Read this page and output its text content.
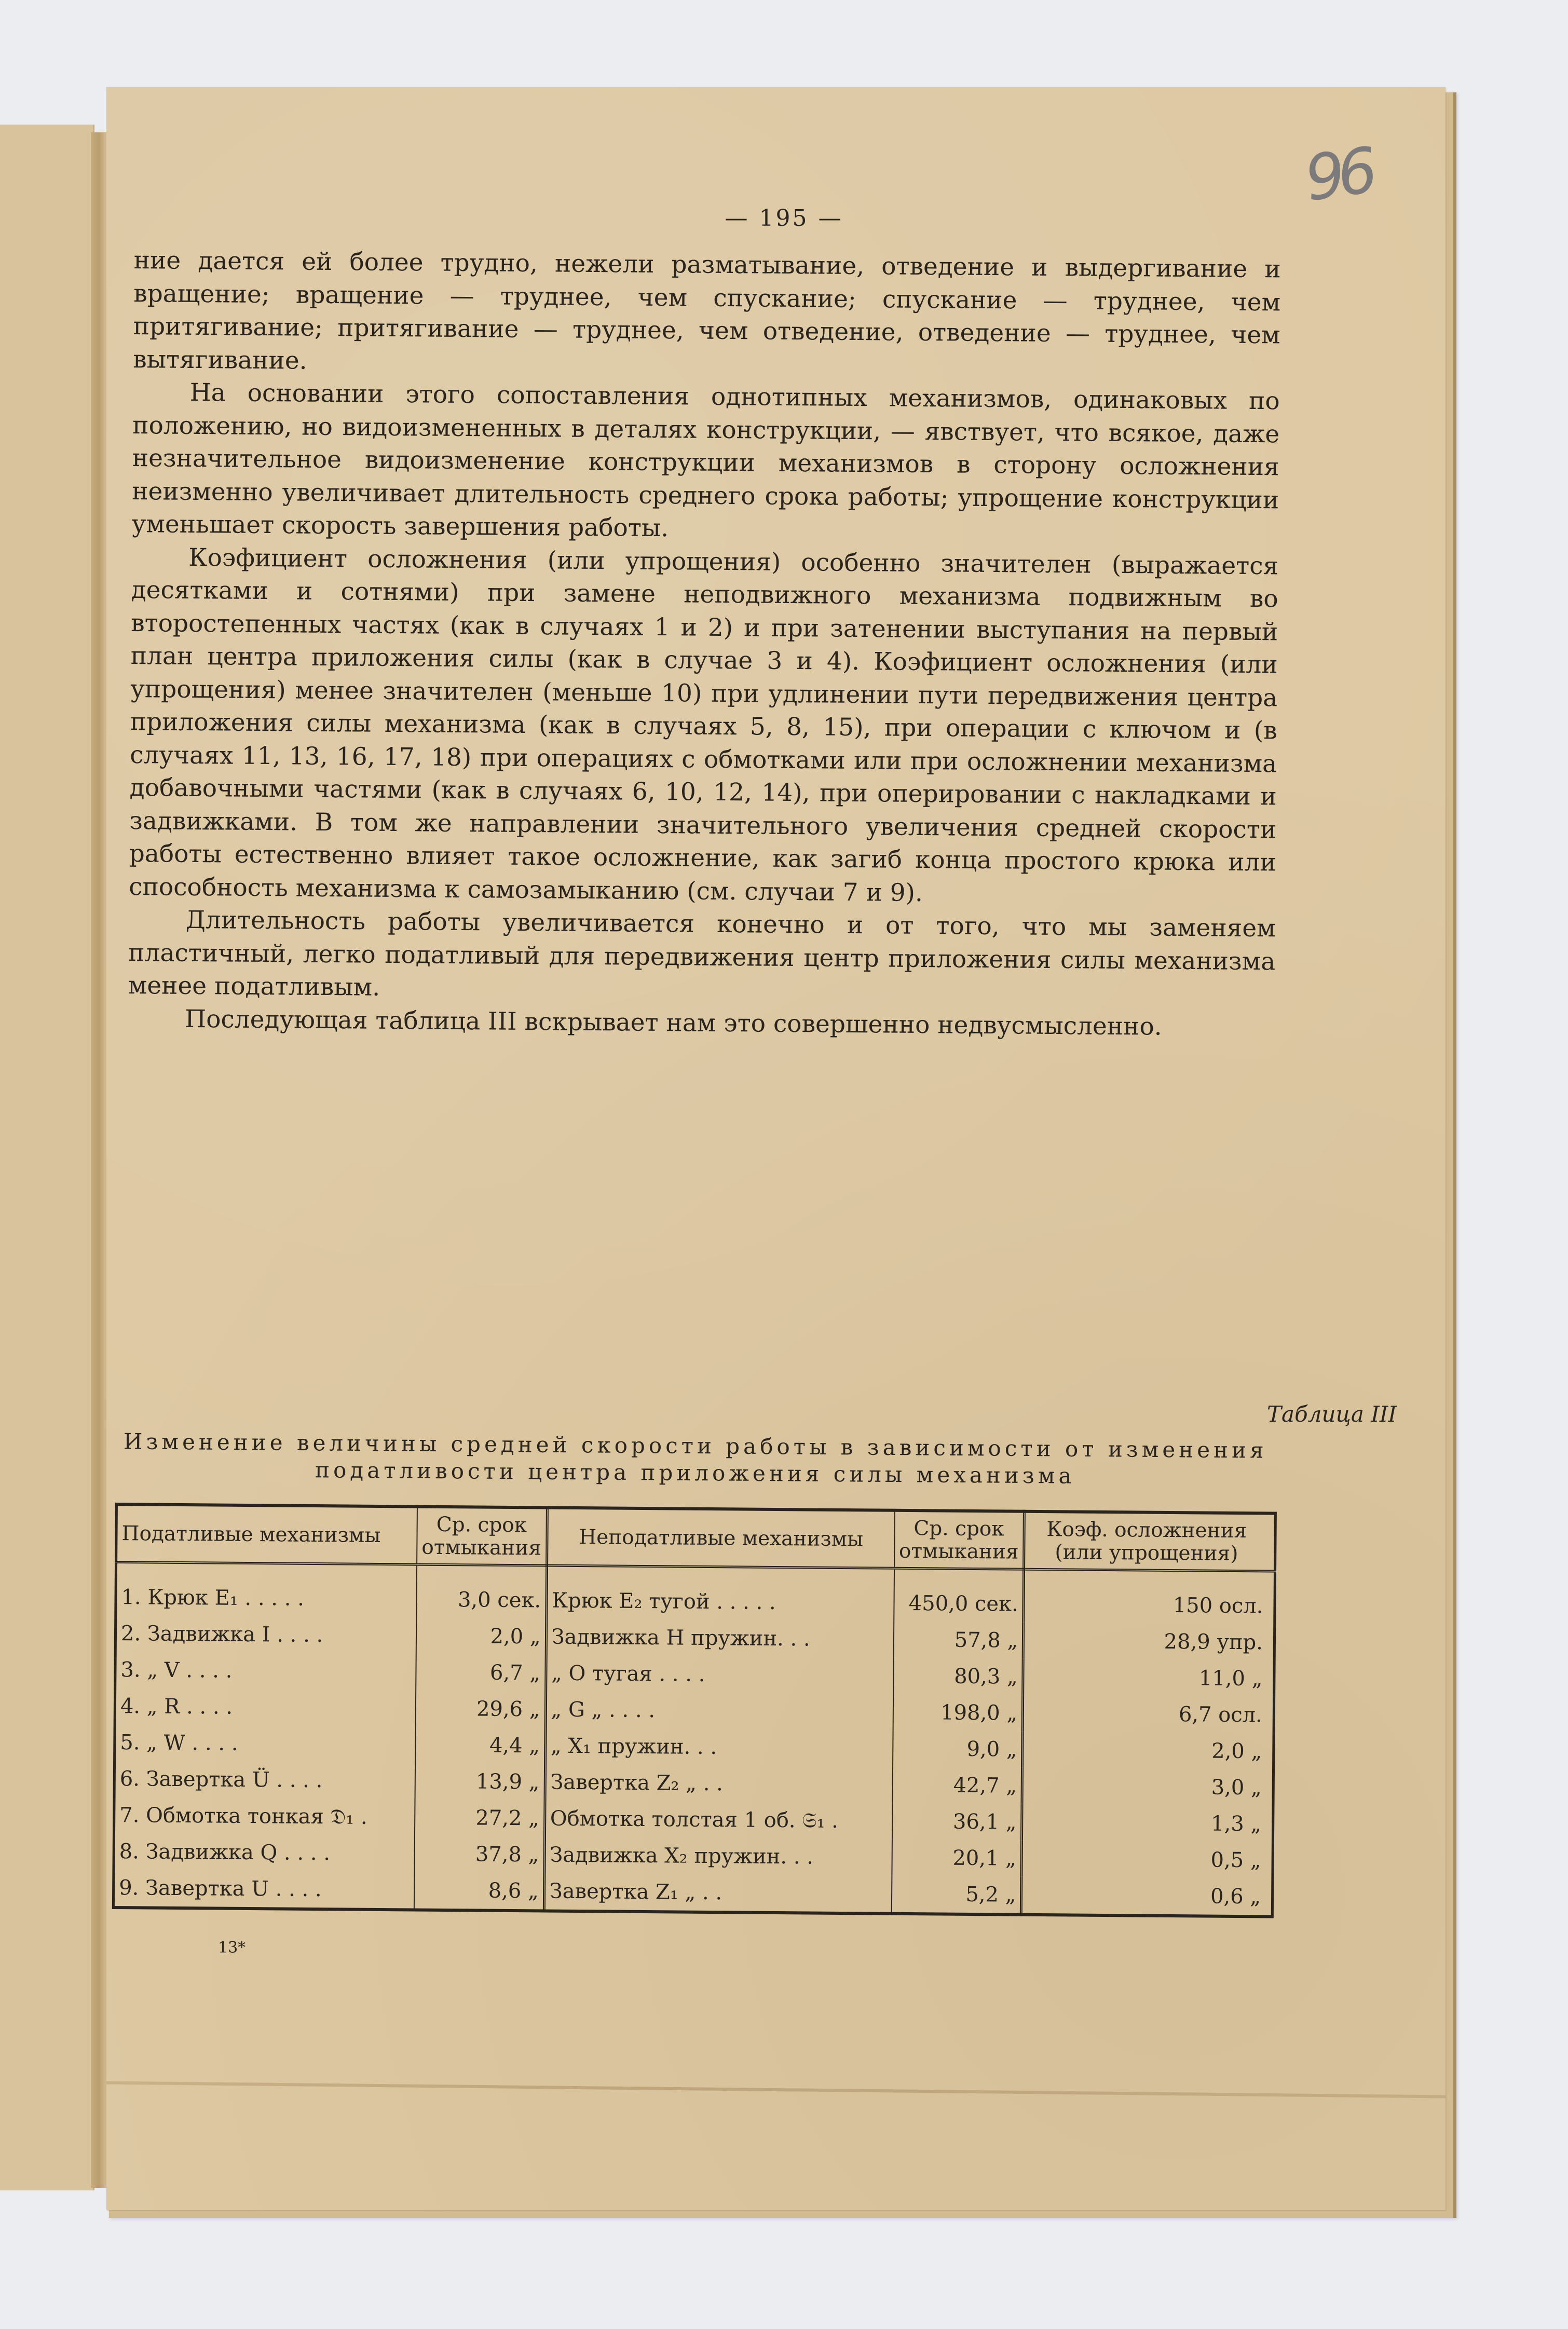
96
— 195 —

ние дается ей более трудно, нежели разматывание, отведение и выдергивание и вращение; вращение — труднее, чем спускание; спускание — труднее, чем притягивание; притягивание — труднее, чем отведение, отведение — труднее, чем вытягивание.

На основании этого сопоставления однотипных механизмов, одинаковых по положению, но видоизмененных в деталях конструкции, — явствует, что всякое, даже незначительное видоизменение конструкции механизмов в сторону осложнения неизменно увеличивает длительность среднего срока работы; упрощение конструкции уменьшает скорость завершения работы.

Коэфициент осложнения (или упрощения) особенно значителен (выражается десятками и сотнями) при замене неподвижного механизма подвижным во второстепенных частях (как в случаях 1 и 2) и при затенении выступания на первый план центра приложения силы (как в случае 3 и 4). Коэфициент осложнения (или упрощения) менее значителен (меньше 10) при удлинении пути передвижения центра приложения силы механизма (как в случаях 5, 8, 15), при операции с ключом и (в случаях 11, 13, 16, 17, 18) при операциях с обмотками или при осложнении механизма добавочными частями (как в случаях 6, 10, 12, 14), при оперировании с накладками и задвижками. В том же направлении значительного увеличения средней скорости работы естественно влияет такое осложнение, как загиб конца простого крюка или способность механизма к самозамыканию (см. случаи 7 и 9).

Длительность работы увеличивается конечно и от того, что мы заменяем пластичный, легко податливый для передвижения центр приложения силы механизма менее податливым.

Последующая таблица III вскрывает нам это совершенно недвусмысленно.

Таблица III
Изменение величины средней скорости работы в зависимости от изменения податливости центра приложения силы механизма
Податливые механизмы	Ср. срок отмыкания	Неподатливые механизмы	Ср. срок отмыкания	Коэф. осложнения (или упрощения)
1. Крюк E₁ . . . . .	3,0 сек.	Крюк E₂ тугой . . . . .	450,0 сек.	150 осл.
2. Задвижка I . . . .	2,0 „	Задвижка H пружин. . .	57,8 „	28,9 упр.
3. „ V . . . .	6,7 „	„ O тугая . . . .	80,3 „	11,0 „
4. „ R . . . .	29,6 „	„ G „ . . . .	198,0 „	6,7 осл.
5. „ W . . . .	4,4 „	„ X₁ пружин. . .	9,0 „	2,0 „
6. Завертка Ü . . . .	13,9 „	Завертка Z₂ „ . .	42,7 „	3,0 „
7. Обмотка тонкая 𝔇₁ .	27,2 „	Обмотка толстая 1 об. 𝔖₁ .	36,1 „	1,3 „
8. Задвижка Q . . . .	37,8 „	Задвижка X₂ пружин. . .	20,1 „	0,5 „
9. Завертка U . . . .	8,6 „	Завертка Z₁ „ . .	5,2 „	0,6 „
13*
